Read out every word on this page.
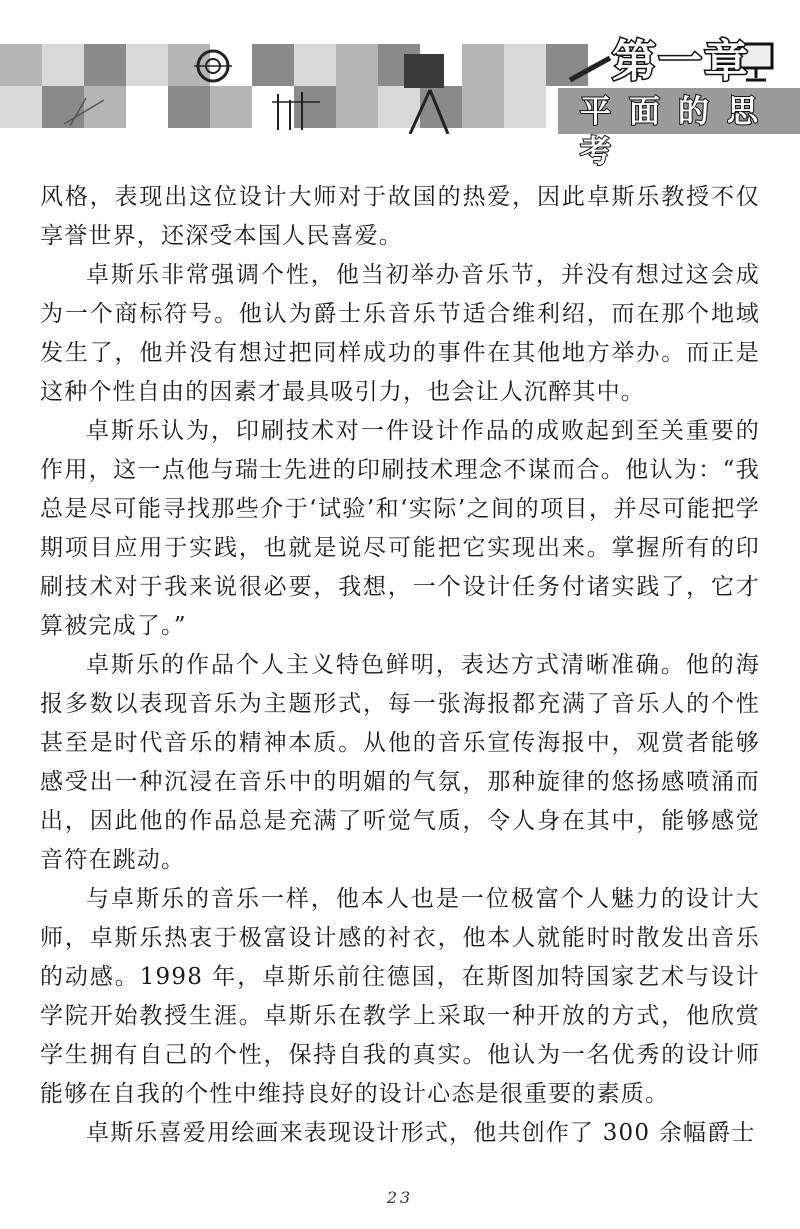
第一章
平面的思考

风格，表现出这位设计大师对于故国的热爱，因此卓斯乐教授不仅享誉世界，还深受本国人民喜爱。

卓斯乐非常强调个性，他当初举办音乐节，并没有想过这会成为一个商标符号。他认为爵士乐音乐节适合维利绍，而在那个地域发生了，他并没有想过把同样成功的事件在其他地方举办。而正是这种个性自由的因素才最具吸引力，也会让人沉醉其中。

卓斯乐认为，印刷技术对一件设计作品的成败起到至关重要的作用，这一点他与瑞士先进的印刷技术理念不谋而合。他认为：“我总是尽可能寻找那些介于‘试验’和‘实际’之间的项目，并尽可能把学期项目应用于实践，也就是说尽可能把它实现出来。掌握所有的印刷技术对于我来说很必要，我想，一个设计任务付诸实践了，它才算被完成了。”

卓斯乐的作品个人主义特色鲜明，表达方式清晰准确。他的海报多数以表现音乐为主题形式，每一张海报都充满了音乐人的个性甚至是时代音乐的精神本质。从他的音乐宣传海报中，观赏者能够感受出一种沉浸在音乐中的明媚的气氛，那种旋律的悠扬感喷涌而出，因此他的作品总是充满了听觉气质，令人身在其中，能够感觉音符在跳动。

与卓斯乐的音乐一样，他本人也是一位极富个人魅力的设计大师，卓斯乐热衷于极富设计感的衬衣，他本人就能时时散发出音乐的动感。1998 年，卓斯乐前往德国，在斯图加特国家艺术与设计学院开始教授生涯。卓斯乐在教学上采取一种开放的方式，他欣赏学生拥有自己的个性，保持自我的真实。他认为一名优秀的设计师能够在自我的个性中维持良好的设计心态是很重要的素质。

卓斯乐喜爱用绘画来表现设计形式，他共创作了 300 余幅爵士

23
